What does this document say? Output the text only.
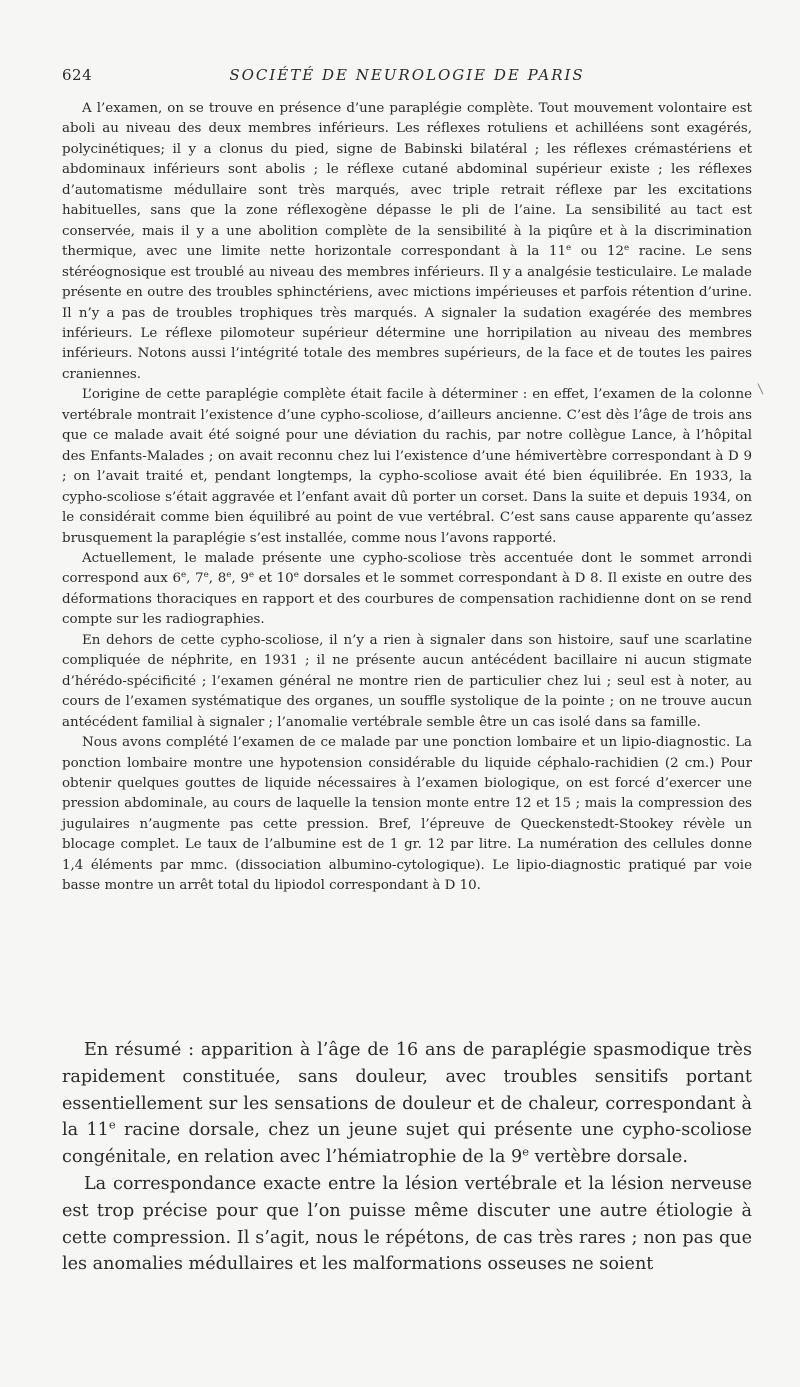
624	SOCIÉTÉ DE NEUROLOGIE DE PARIS

A l’examen, on se trouve en présence d’une paraplégie complète. Tout mouvement volontaire est aboli au niveau des deux membres inférieurs. Les réflexes rotuliens et achilléens sont exagérés, polycinétiques; il y a clonus du pied, signe de Babinski bilatéral ; les réflexes crémastériens et abdominaux inférieurs sont abolis ; le réflexe cutané abdominal supérieur existe ; les réflexes d’automatisme médullaire sont très marqués, avec triple retrait réflexe par les excitations habituelles, sans que la zone réflexogène dépasse le pli de l’aine. La sensibilité au tact est conservée, mais il y a une abolition complète de la sensibilité à la piqûre et à la discrimination thermique, avec une limite nette horizontale correspondant à la 11e ou 12e racine. Le sens stéréognosique est troublé au niveau des membres inférieurs. Il y a analgésie testiculaire. Le malade présente en outre des troubles sphinctériens, avec mictions impérieuses et parfois rétention d’urine. Il n’y a pas de troubles trophiques très marqués. A signaler la sudation exagérée des membres inférieurs. Le réflexe pilomoteur supérieur détermine une horripilation au niveau des membres inférieurs. Notons aussi l’intégrité totale des membres supérieurs, de la face et de toutes les paires craniennes.

L’origine de cette paraplégie complète était facile à déterminer : en effet, l’examen de la colonne vertébrale montrait l’existence d’une cypho-scoliose, d’ailleurs ancienne. C’est dès l’âge de trois ans que ce malade avait été soigné pour une déviation du rachis, par notre collègue Lance, à l’hôpital des Enfants-Malades ; on avait reconnu chez lui l’existence d’une hémivertèbre correspondant à D 9 ; on l’avait traité et, pendant longtemps, la cypho-scoliose avait été bien équilibrée. En 1933, la cypho-scoliose s’était aggravée et l’enfant avait dû porter un corset. Dans la suite et depuis 1934, on le considérait comme bien équilibré au point de vue vertébral. C’est sans cause apparente qu’assez brusquement la paraplégie s’est installée, comme nous l’avons rapporté.

Actuellement, le malade présente une cypho-scoliose très accentuée dont le sommet arrondi correspond aux 6e, 7e, 8e, 9e et 10e dorsales et le sommet correspondant à D 8. Il existe en outre des déformations thoraciques en rapport et des courbures de compensation rachidienne dont on se rend compte sur les radiographies.

En dehors de cette cypho-scoliose, il n’y a rien à signaler dans son histoire, sauf une scarlatine compliquée de néphrite, en 1931 ; il ne présente aucun antécédent bacillaire ni aucun stigmate d’hérédo-spécificité ; l’examen général ne montre rien de particulier chez lui ; seul est à noter, au cours de l’examen systématique des organes, un souffle systolique de la pointe ; on ne trouve aucun antécédent familial à signaler ; l’anomalie vertébrale semble être un cas isolé dans sa famille.

Nous avons complété l’examen de ce malade par une ponction lombaire et un lipio-diagnostic. La ponction lombaire montre une hypotension considérable du liquide céphalo-rachidien (2 cm.) Pour obtenir quelques gouttes de liquide nécessaires à l’examen biologique, on est forcé d’exercer une pression abdominale, au cours de laquelle la tension monte entre 12 et 15 ; mais la compression des jugulaires n’augmente pas cette pression. Bref, l’épreuve de Queckenstedt-Stookey révèle un blocage complet. Le taux de l’albumine est de 1 gr. 12 par litre. La numération des cellules donne 1,4 éléments par mmc. (dissociation albumino-cytologique). Le lipio-diagnostic pratiqué par voie basse montre un arrêt total du lipiodol correspondant à D 10.

En résumé : apparition à l’âge de 16 ans de paraplégie spasmodique très rapidement constituée, sans douleur, avec troubles sensitifs portant essentiellement sur les sensations de douleur et de chaleur, correspondant à la 11e racine dorsale, chez un jeune sujet qui présente une cypho-scoliose congénitale, en relation avec l’hémiatrophie de la 9e vertèbre dorsale.

La correspondance exacte entre la lésion vertébrale et la lésion nerveuse est trop précise pour que l’on puisse même discuter une autre étiologie à cette compression. Il s’agit, nous le répétons, de cas très rares ; non pas que les anomalies médullaires et les malformations osseuses ne soient
